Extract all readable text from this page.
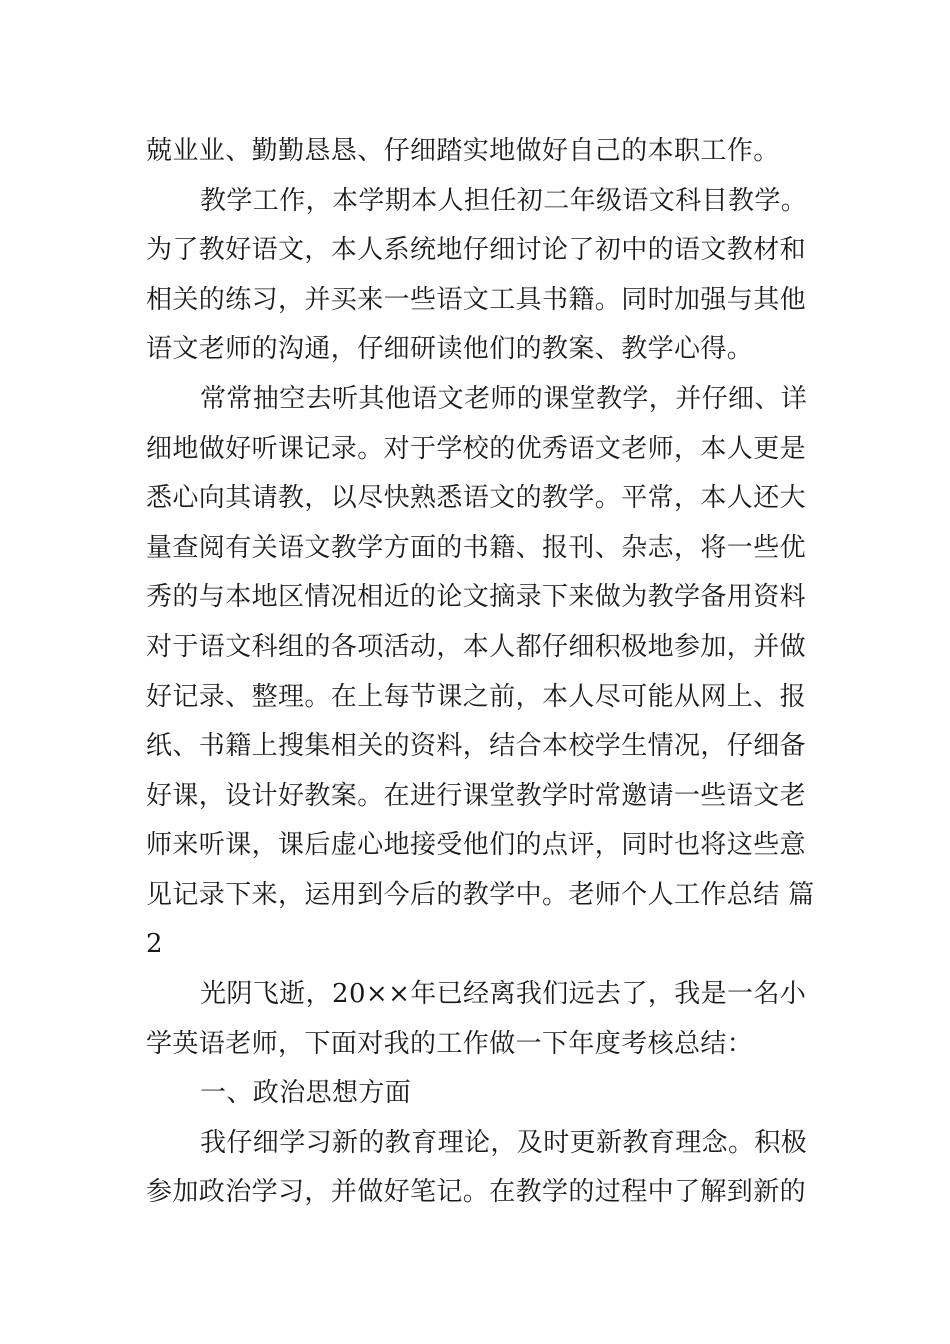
兢业业、勤勤恳恳、仔细踏实地做好自己的本职工作。
教学工作，本学期本人担任初二年级语文科目教学。
为了教好语文，本人系统地仔细讨论了初中的语文教材和
相关的练习，并买来一些语文工具书籍。同时加强与其他
语文老师的沟通，仔细研读他们的教案、教学心得。
常常抽空去听其他语文老师的课堂教学，并仔细、详
细地做好听课记录。对于学校的优秀语文老师，本人更是
悉心向其请教，以尽快熟悉语文的教学。平常，本人还大
量查阅有关语文教学方面的书籍、报刊、杂志，将一些优
秀的与本地区情况相近的论文摘录下来做为教学备用资料
对于语文科组的各项活动，本人都仔细积极地参加，并做
好记录、整理。在上每节课之前，本人尽可能从网上、报
纸、书籍上搜集相关的资料，结合本校学生情况，仔细备
好课，设计好教案。在进行课堂教学时常邀请一些语文老
师来听课，课后虚心地接受他们的点评，同时也将这些意
见记录下来，运用到今后的教学中。老师个人工作总结 篇
2
光阴飞逝，20××年已经离我们远去了，我是一名小
学英语老师，下面对我的工作做一下年度考核总结：
一、政治思想方面
我仔细学习新的教育理论，及时更新教育理念。积极
参加政治学习，并做好笔记。在教学的过程中了解到新的
